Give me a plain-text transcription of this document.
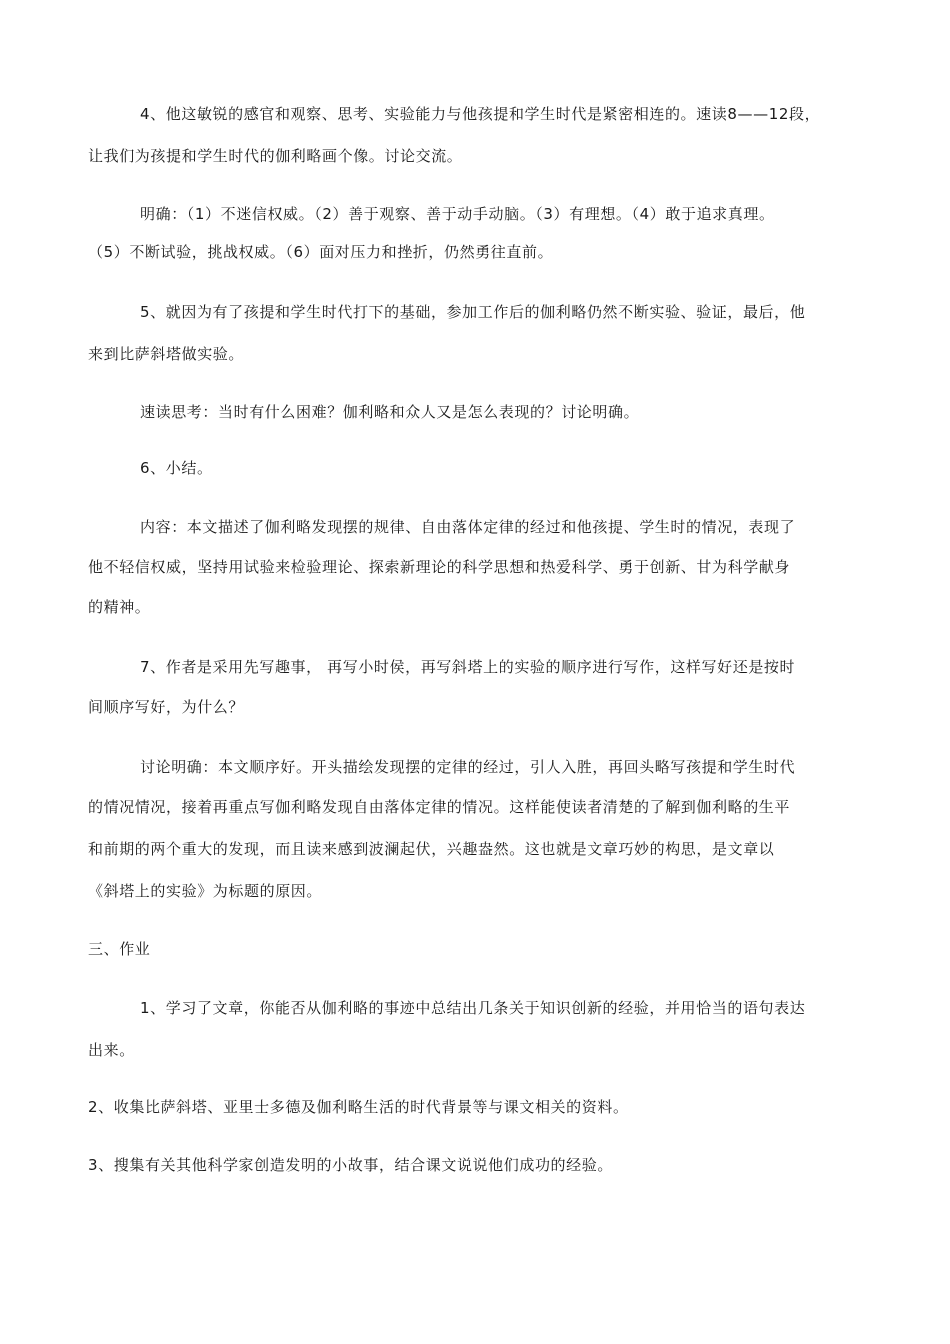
4、他这敏锐的感官和观察、思考、实验能力与他孩提和学生时代是紧密相连的。速读8——12段，
让我们为孩提和学生时代的伽利略画个像。讨论交流。
明确：（1）不迷信权威。（2）善于观察、善于动手动脑。（3）有理想。（4）敢于追求真理。
（5）不断试验，挑战权威。（6）面对压力和挫折，仍然勇往直前。
5、就因为有了孩提和学生时代打下的基础，参加工作后的伽利略仍然不断实验、验证，最后，他
来到比萨斜塔做实验。
速读思考：当时有什么困难？伽利略和众人又是怎么表现的？讨论明确。
6、小结。
内容：本文描述了伽利略发现摆的规律、自由落体定律的经过和他孩提、学生时的情况，表现了
他不轻信权威，坚持用试验来检验理论、探索新理论的科学思想和热爱科学、勇于创新、甘为科学献身
的精神。
7、作者是采用先写趣事， 再写小时侯，再写斜塔上的实验的顺序进行写作，这样写好还是按时
间顺序写好，为什么？
讨论明确：本文顺序好。开头描绘发现摆的定律的经过，引人入胜，再回头略写孩提和学生时代
的情况情况，接着再重点写伽利略发现自由落体定律的情况。这样能使读者清楚的了解到伽利略的生平
和前期的两个重大的发现，而且读来感到波澜起伏，兴趣盎然。这也就是文章巧妙的构思，是文章以
《斜塔上的实验》为标题的原因。
三、作业
1、学习了文章，你能否从伽利略的事迹中总结出几条关于知识创新的经验，并用恰当的语句表达
出来。
2、收集比萨斜塔、亚里士多德及伽利略生活的时代背景等与课文相关的资料。
3、搜集有关其他科学家创造发明的小故事，结合课文说说他们成功的经验。
